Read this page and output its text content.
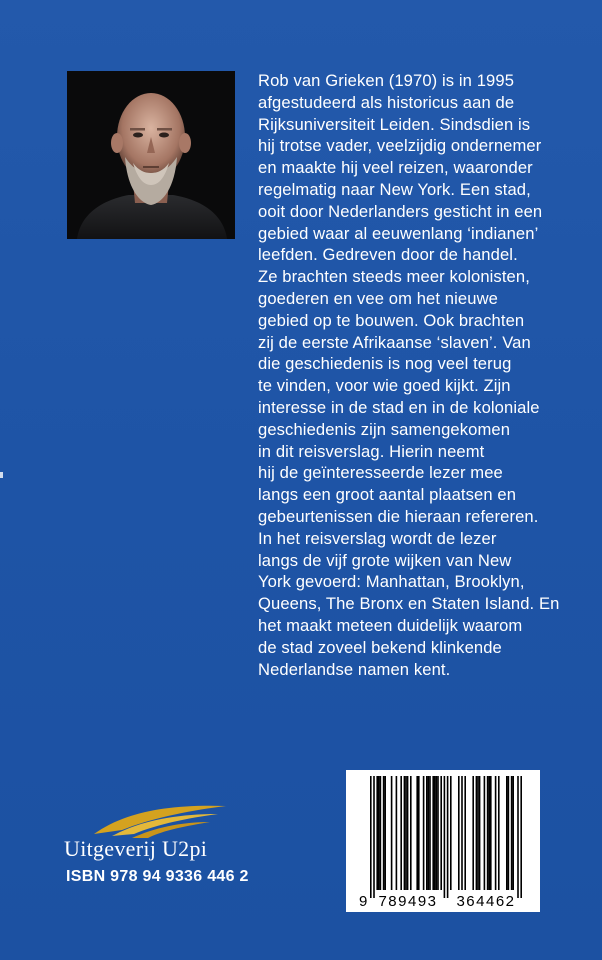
Rob van Grieken (1970) is in 1995
afgestudeerd als historicus aan de
Rijksuniversiteit Leiden. Sindsdien is
hij trotse vader, veelzijdig ondernemer
en maakte hij veel reizen, waaronder
regelmatig naar New York. Een stad,
ooit door Nederlanders gesticht in een
gebied waar al eeuwenlang ‘indianen’
leefden. Gedreven door de handel.
Ze brachten steeds meer kolonisten,
goederen en vee om het nieuwe
gebied op te bouwen. Ook brachten
zij de eerste Afrikaanse ‘slaven’. Van
die geschiedenis is nog veel terug
te vinden, voor wie goed kijkt. Zijn
interesse in de stad en in de koloniale
geschiedenis zijn samengekomen
in dit reisverslag. Hierin neemt
hij de geïnteresseerde lezer mee
langs een groot aantal plaatsen en
gebeurtenissen die hieraan refereren.
In het reisverslag wordt de lezer
langs de vijf grote wijken van New
York gevoerd: Manhattan, Brooklyn,
Queens, The Bronx en Staten Island. En
het maakt meteen duidelijk waarom
de stad zoveel bekend klinkende
Nederlandse namen kent.
Uitgeverij U2pi
ISBN 978 94 9336 446 2
9 789493 364462
